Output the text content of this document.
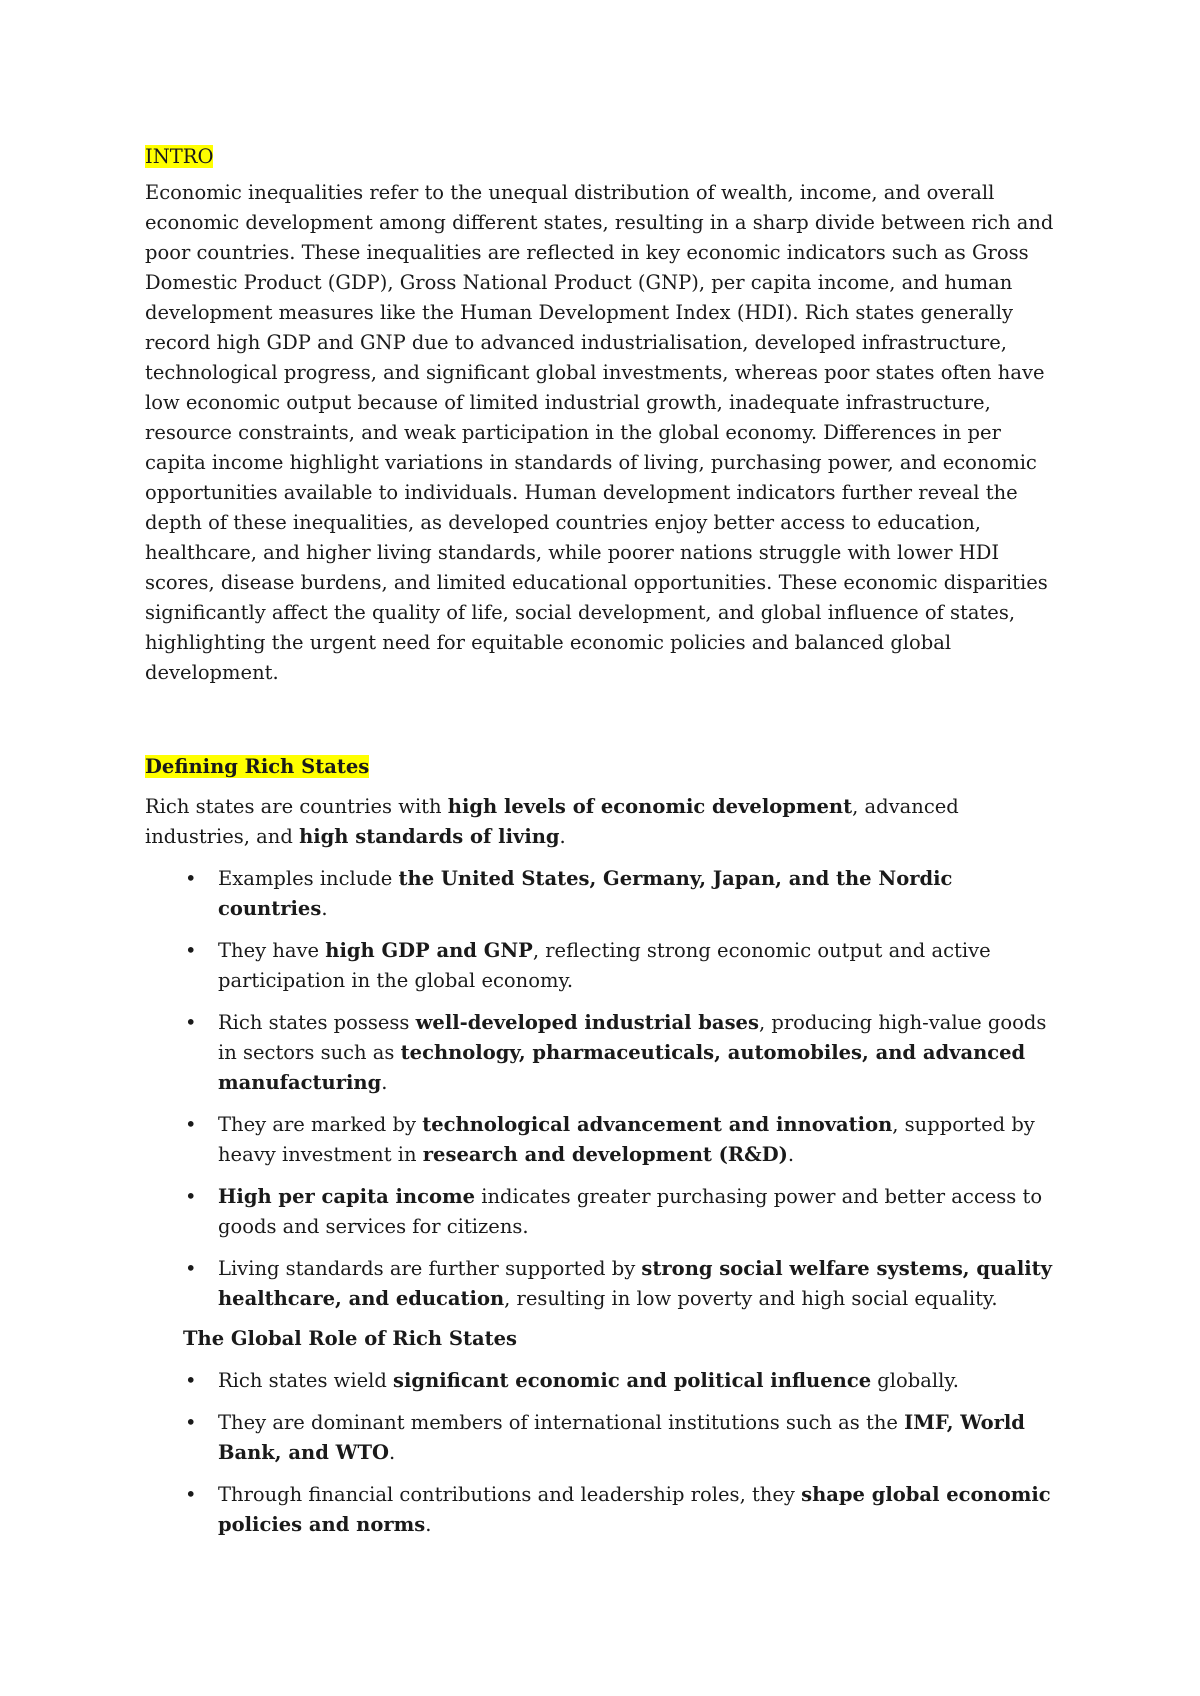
INTRO

Economic inequalities refer to the unequal distribution of wealth, income, and overall economic development among different states, resulting in a sharp divide between rich and poor countries. These inequalities are reflected in key economic indicators such as Gross Domestic Product (GDP), Gross National Product (GNP), per capita income, and human development measures like the Human Development Index (HDI). Rich states generally record high GDP and GNP due to advanced industrialisation, developed infrastructure, technological progress, and significant global investments, whereas poor states often have low economic output because of limited industrial growth, inadequate infrastructure, resource constraints, and weak participation in the global economy. Differences in per capita income highlight variations in standards of living, purchasing power, and economic opportunities available to individuals. Human development indicators further reveal the depth of these inequalities, as developed countries enjoy better access to education, healthcare, and higher living standards, while poorer nations struggle with lower HDI scores, disease burdens, and limited educational opportunities. These economic disparities significantly affect the quality of life, social development, and global influence of states, highlighting the urgent need for equitable economic policies and balanced global development.

Defining Rich States

Rich states are countries with high levels of economic development, advanced industries, and high standards of living.

• Examples include the United States, Germany, Japan, and the Nordic countries.
• They have high GDP and GNP, reflecting strong economic output and active participation in the global economy.
• Rich states possess well-developed industrial bases, producing high-value goods in sectors such as technology, pharmaceuticals, automobiles, and advanced manufacturing.
• They are marked by technological advancement and innovation, supported by heavy investment in research and development (R&D).
• High per capita income indicates greater purchasing power and better access to goods and services for citizens.
• Living standards are further supported by strong social welfare systems, quality healthcare, and education, resulting in low poverty and high social equality.

The Global Role of Rich States

• Rich states wield significant economic and political influence globally.
• They are dominant members of international institutions such as the IMF, World Bank, and WTO.
• Through financial contributions and leadership roles, they shape global economic policies and norms.
